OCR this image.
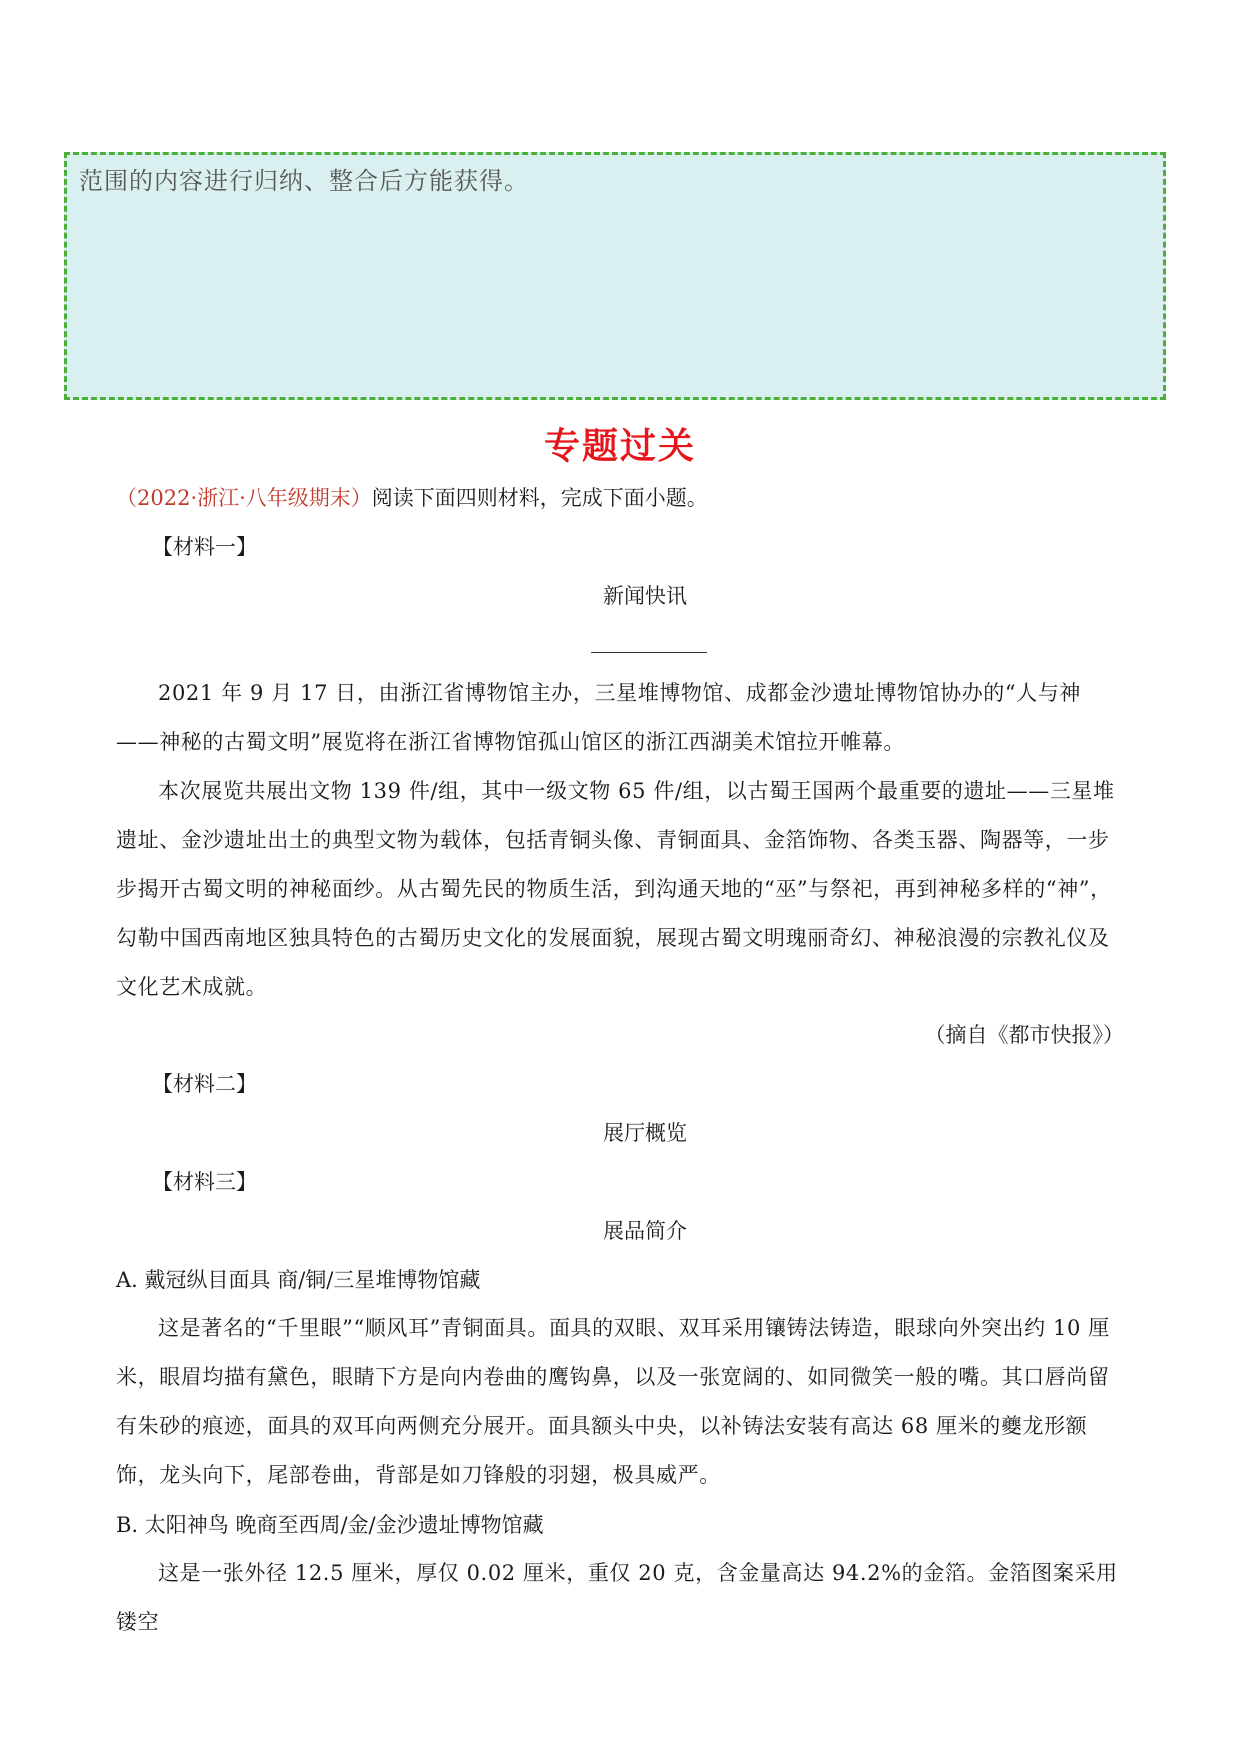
范围的内容进行归纳、整合后方能获得。
专题过关
（2022·浙江·八年级期末）阅读下面四则材料，完成下面小题。
【材料一】
新闻快讯
2021 年 9 月 17 日，由浙江省博物馆主办，三星堆博物馆、成都金沙遗址博物馆协办的“人与神——神秘的古蜀文明”展览将在浙江省博物馆孤山馆区的浙江西湖美术馆拉开帷幕。
本次展览共展出文物 139 件/组，其中一级文物 65 件/组，以古蜀王国两个最重要的遗址——三星堆遗址、金沙遗址出土的典型文物为载体，包括青铜头像、青铜面具、金箔饰物、各类玉器、陶器等，一步步揭开古蜀文明的神秘面纱。从古蜀先民的物质生活，到沟通天地的“巫”与祭祀，再到神秘多样的“神”，勾勒中国西南地区独具特色的古蜀历史文化的发展面貌，展现古蜀文明瑰丽奇幻、神秘浪漫的宗教礼仪及文化艺术成就。
（摘自《都市快报》）
【材料二】
展厅概览
【材料三】
展品简介
A. 戴冠纵目面具 商/铜/三星堆博物馆藏
这是著名的“千里眼”“顺风耳”青铜面具。面具的双眼、双耳采用镶铸法铸造，眼球向外突出约 10 厘米，眼眉均描有黛色，眼睛下方是向内卷曲的鹰钩鼻，以及一张宽阔的、如同微笑一般的嘴。其口唇尚留有朱砂的痕迹，面具的双耳向两侧充分展开。面具额头中央，以补铸法安装有高达 68 厘米的夔龙形额饰，龙头向下，尾部卷曲，背部是如刀锋般的羽翅，极具威严。
B. 太阳神鸟 晚商至西周/金/金沙遗址博物馆藏
这是一张外径 12.5 厘米，厚仅 0.02 厘米，重仅 20 克，含金量高达 94.2%的金箔。金箔图案采用镂空
